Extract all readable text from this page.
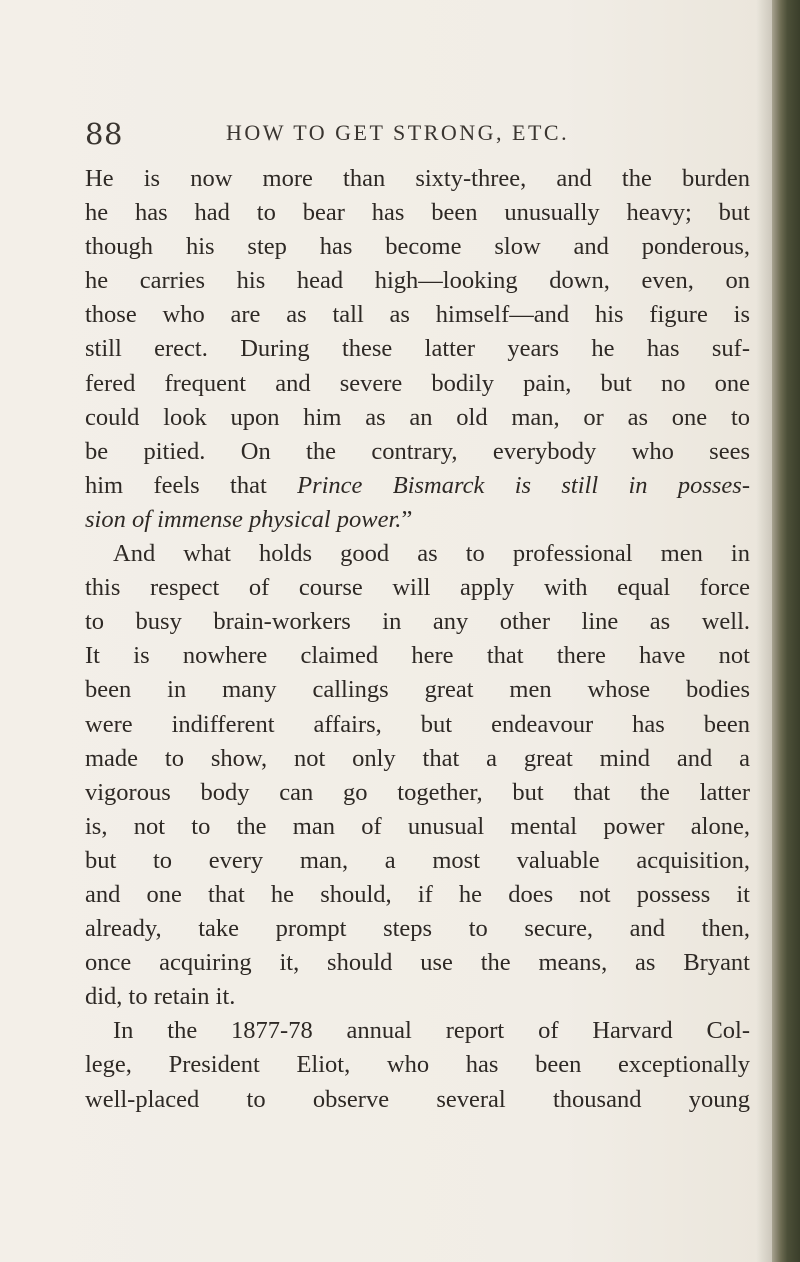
88	HOW TO GET STRONG, ETC.
He is now more than sixty-three, and the burden
he has had to bear has been unusually heavy; but
though his step has become slow and ponderous,
he carries his head high—looking down, even, on
those who are as tall as himself—and his figure is
still erect. During these latter years he has suf-
fered frequent and severe bodily pain, but no one
could look upon him as an old man, or as one to
be pitied. On the contrary, everybody who sees
him feels that Prince Bismarck is still in posses-
sion of immense physical power.”
And what holds good as to professional men in
this respect of course will apply with equal force
to busy brain-workers in any other line as well.
It is nowhere claimed here that there have not
been in many callings great men whose bodies
were indifferent affairs, but endeavour has been
made to show, not only that a great mind and a
vigorous body can go together, but that the latter
is, not to the man of unusual mental power alone,
but to every man, a most valuable acquisition,
and one that he should, if he does not possess it
already, take prompt steps to secure, and then,
once acquiring it, should use the means, as Bryant
did, to retain it.
In the 1877-78 annual report of Harvard Col-
lege, President Eliot, who has been exceptionally
well-placed to observe several thousand young
